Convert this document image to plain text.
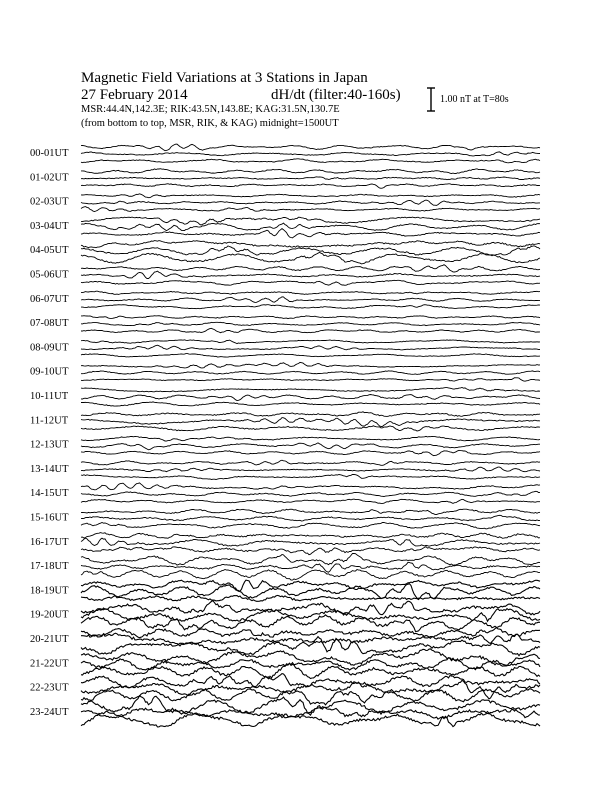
Magnetic Field Variations at 3 Stations in Japan
27 February 2014	dH/dt (filter:40-160s)
MSR:44.4N,142.3E; RIK:43.5N,143.8E; KAG:31.5N,130.7E
(from bottom to top, MSR, RIK, & KAG) midnight=1500UT
1.00 nT at T=80s
00-01UT
01-02UT
02-03UT
03-04UT
04-05UT
05-06UT
06-07UT
07-08UT
08-09UT
09-10UT
10-11UT
11-12UT
12-13UT
13-14UT
14-15UT
15-16UT
16-17UT
17-18UT
18-19UT
19-20UT
20-21UT
21-22UT
22-23UT
23-24UT
